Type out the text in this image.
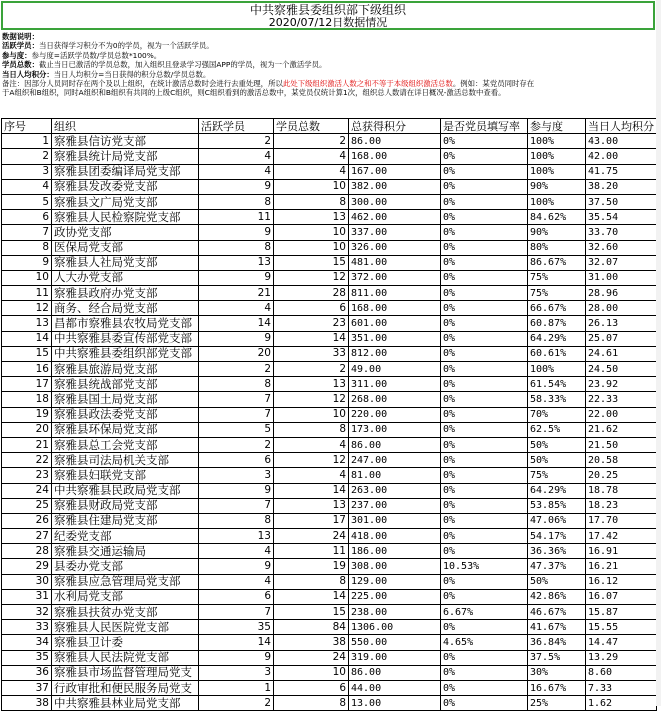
中共察雅县委组织部下级组织
2020/07/12日数据情况
数据说明：
活跃学员：当日获得学习积分不为0的学员，视为一个活跃学员。
参与度：参与度=活跃学员数/学员总数*100%。
学员总数：截止当日已激活的学员总数，加入组织且登录学习强国APP的学员，视为一个激活学员。
当日人均积分：当日人均积分=当日获得的积分总数/学员总数。
备注：因部分人员同时存在两个及以上组织，在统计激活总数时会进行去重处理，所以此处下级组织激活人数之和不等于本级组织激活总数。例如：某党员同时存在
于A组织和B组织，同时A组织和B组织有共同的上级C组织，则C组织看到的激活总数中，某党员仅统计算1次，组织总人数请在详日概况-激活总数中查看。
序号	组织	活跃学员	学员总数	总获得积分	是否党员填写率	参与度	当日人均积分
1	察雅县信访党支部	2	2	86.00	0%	100%	43.00
2	察雅县统计局党支部	4	4	168.00	0%	100%	42.00
3	察雅县团委编译局党支部	4	4	167.00	0%	100%	41.75
4	察雅县发改委党支部	9	10	382.00	0%	90%	38.20
5	察雅县文广局党支部	8	8	300.00	0%	100%	37.50
6	察雅县人民检察院党支部	11	13	462.00	0%	84.62%	35.54
7	政协党支部	9	10	337.00	0%	90%	33.70
8	医保局党支部	8	10	326.00	0%	80%	32.60
9	察雅县人社局党支部	13	15	481.00	0%	86.67%	32.07
10	人大办党支部	9	12	372.00	0%	75%	31.00
11	察雅县政府办党支部	21	28	811.00	0%	75%	28.96
12	商务、经合局党支部	4	6	168.00	0%	66.67%	28.00
13	昌都市察雅县农牧局党支部	14	23	601.00	0%	60.87%	26.13
14	中共察雅县委宣传部党支部	9	14	351.00	0%	64.29%	25.07
15	中共察雅县委组织部党支部	20	33	812.00	0%	60.61%	24.61
16	察雅县旅游局党支部	2	2	49.00	0%	100%	24.50
17	察雅县统战部党支部	8	13	311.00	0%	61.54%	23.92
18	察雅县国土局党支部	7	12	268.00	0%	58.33%	22.33
19	察雅县政法委党支部	7	10	220.00	0%	70%	22.00
20	察雅县环保局党支部	5	8	173.00	0%	62.5%	21.62
21	察雅县总工会党支部	2	4	86.00	0%	50%	21.50
22	察雅县司法局机关支部	6	12	247.00	0%	50%	20.58
23	察雅县妇联党支部	3	4	81.00	0%	75%	20.25
24	中共察雅县民政局党支部	9	14	263.00	0%	64.29%	18.78
25	察雅县财政局党支部	7	13	237.00	0%	53.85%	18.23
26	察雅县住建局党支部	8	17	301.00	0%	47.06%	17.70
27	纪委党支部	13	24	418.00	0%	54.17%	17.42
28	察雅县交通运输局	4	11	186.00	0%	36.36%	16.91
29	县委办党支部	9	19	308.00	10.53%	47.37%	16.21
30	察雅县应急管理局党支部	4	8	129.00	0%	50%	16.12
31	水利局党支部	6	14	225.00	0%	42.86%	16.07
32	察雅县扶贫办党支部	7	15	238.00	6.67%	46.67%	15.87
33	察雅县人民医院党支部	35	84	1306.00	0%	41.67%	15.55
34	察雅县卫计委	14	38	550.00	4.65%	36.84%	14.47
35	察雅县人民法院党支部	9	24	319.00	0%	37.5%	13.29
36	察雅县市场监督管理局党支	3	10	86.00	0%	30%	8.60
37	行政审批和便民服务局党支	1	6	44.00	0%	16.67%	7.33
38	中共察雅县林业局党支部	2	8	13.00	0%	25%	1.62
